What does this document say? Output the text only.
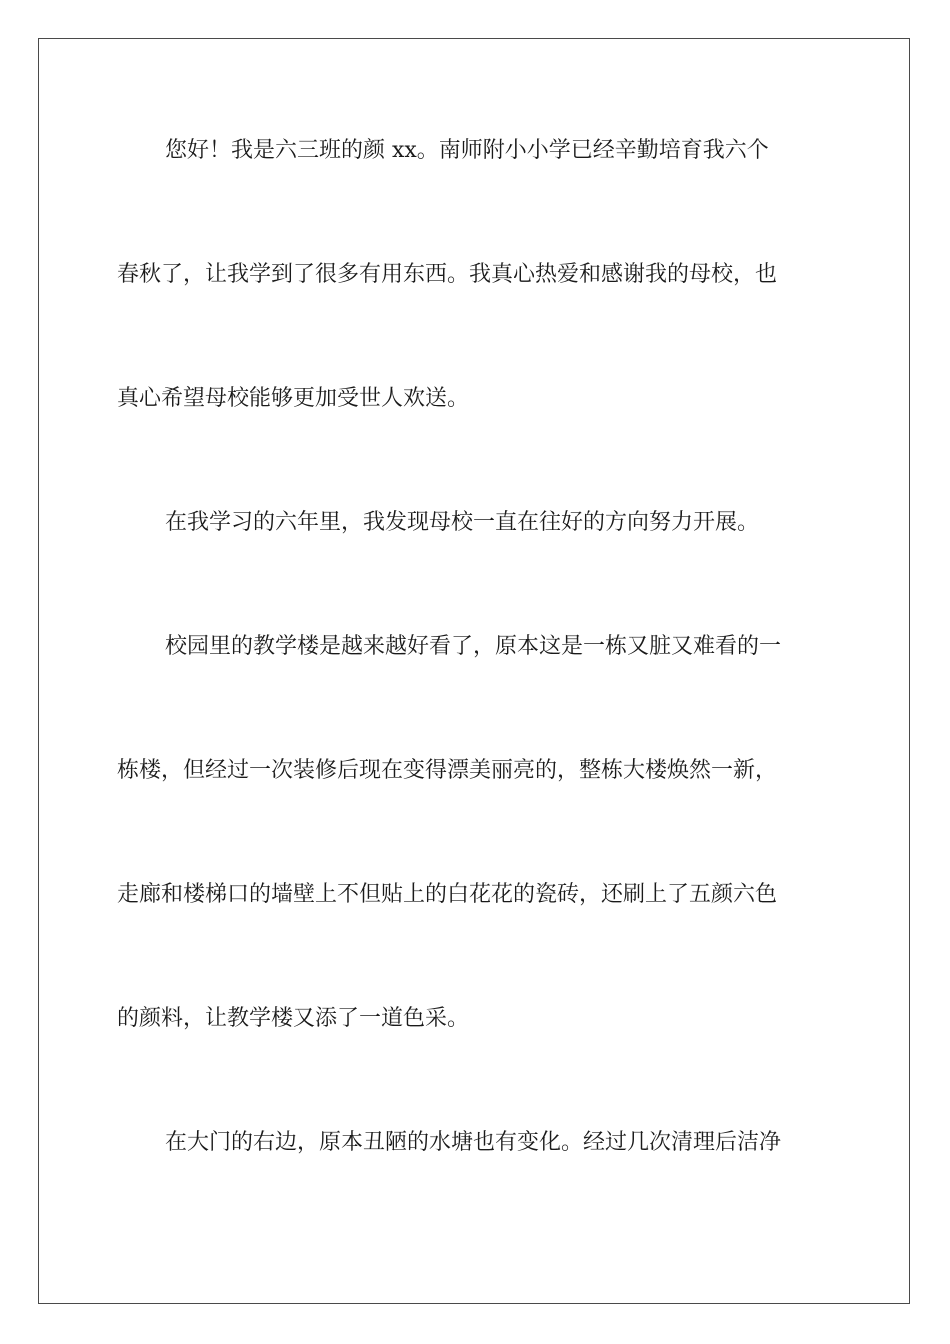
您好！我是六三班的颜 xx。南师附小小学已经辛勤培育我六个
春秋了，让我学到了很多有用东西。我真心热爱和感谢我的母校，也
真心希望母校能够更加受世人欢送。
在我学习的六年里，我发现母校一直在往好的方向努力开展。
校园里的教学楼是越来越好看了，原本这是一栋又脏又难看的一
栋楼，但经过一次装修后现在变得漂美丽亮的，整栋大楼焕然一新，
走廊和楼梯口的墙壁上不但贴上的白花花的瓷砖，还刷上了五颜六色
的颜料，让教学楼又添了一道色采。
在大门的右边，原本丑陋的水塘也有变化。经过几次清理后洁净
